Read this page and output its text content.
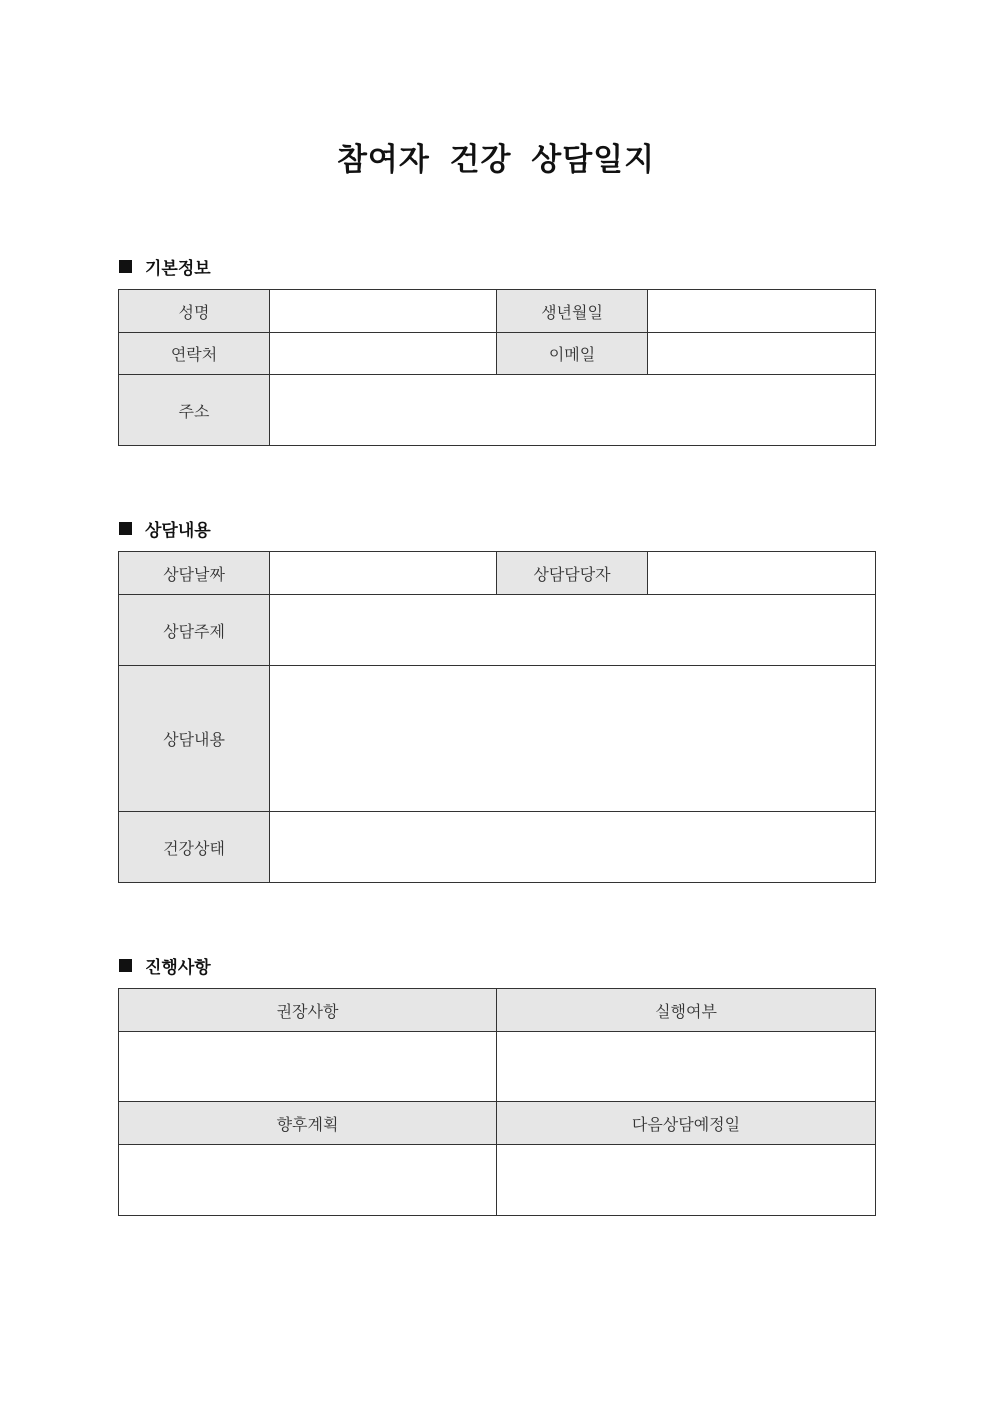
참여자 건강 상담일지
기본정보
성명		생년월일	
연락처		이메일	
주소			
상담내용
상담날짜		상담담당자	
상담주제			
상담내용			
건강상태			
진행사항
권장사항	실행여부

향후계획	다음상담예정일
